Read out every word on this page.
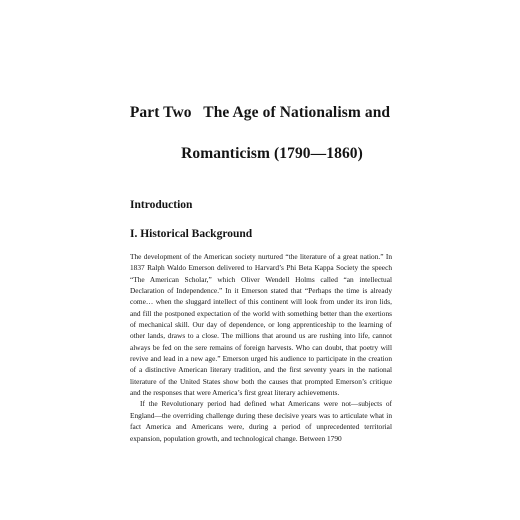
Part Two   The Age of Nationalism and
Romanticism (1790—1860)
Introduction
I. Historical Background

The development of the American society nurtured “the literature of a great nation.” In 1837 Ralph Waldo Emerson delivered to Harvard’s Phi Beta Kappa Society the speech “The American Scholar,” which Oliver Wendell Holms called “an intellectual Declaration of Independence.” In it Emerson stated that “Perhaps the time is already come… when the sluggard intellect of this continent will look from under its iron lids, and fill the postponed expectation of the world with something better than the exertions of mechanical skill. Our day of dependence, or long apprenticeship to the learning of other lands, draws to a close. The millions that around us are rushing into life, cannot always be fed on the sere remains of foreign harvests. Who can doubt, that poetry will revive and lead in a new age.” Emerson urged his audience to participate in the creation of a distinctive American literary tradition, and the first seventy years in the national literature of the United States show both the causes that prompted Emerson’s critique and the responses that were America’s first great literary achievements.

If the Revolutionary period had defined what Americans were not—subjects of England—the overriding challenge during these decisive years was to articulate what in fact America and Americans were, during a period of unprecedented territorial expansion, population growth, and technological change. Between 1790
